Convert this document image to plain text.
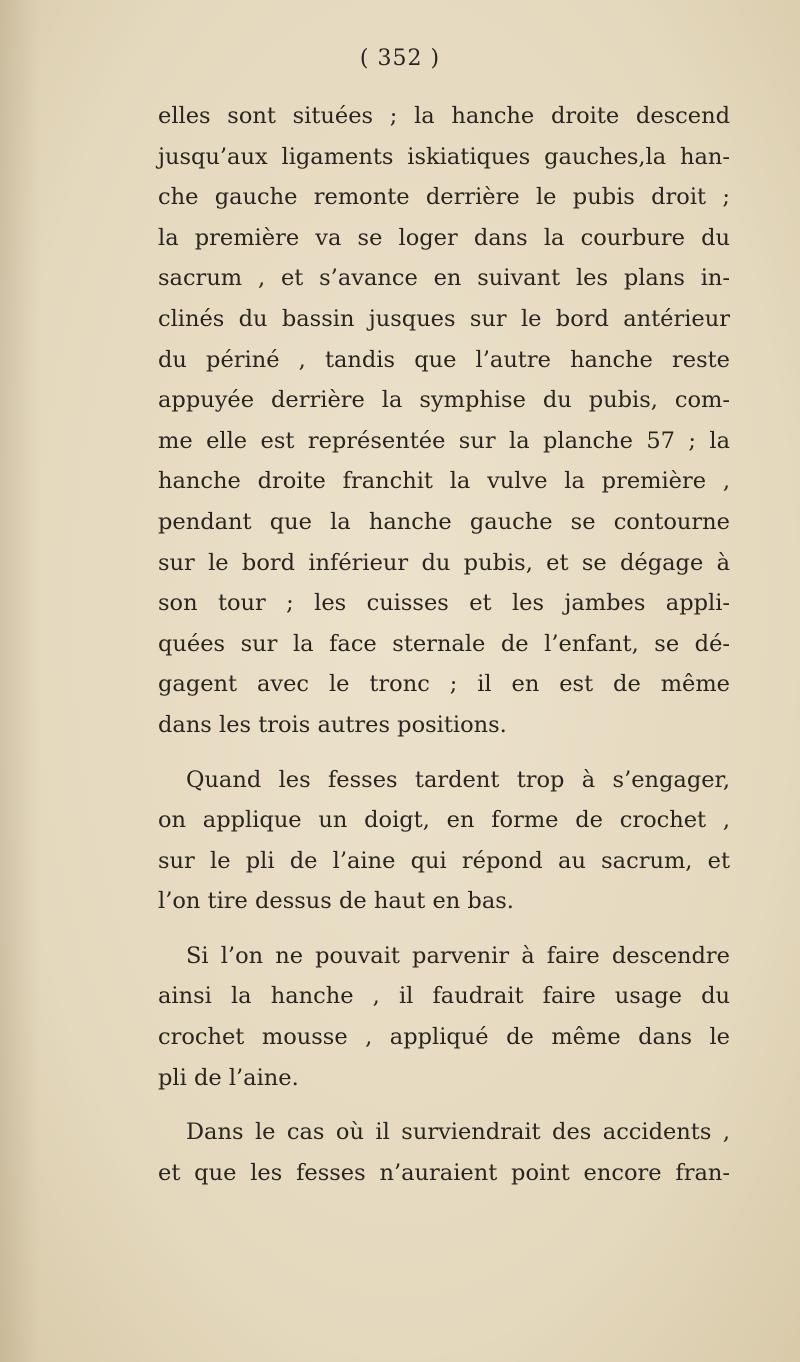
( 352 )
elles sont situées ; la hanche droite descend
jusqu’aux ligaments iskiatiques gauches,la han-
che gauche remonte derrière le pubis droit ;
la première va se loger dans la courbure du
sacrum , et s’avance en suivant les plans in-
clinés du bassin jusques sur le bord antérieur
du périné , tandis que l’autre hanche reste
appuyée derrière la symphise du pubis, com-
me elle est représentée sur la planche 57 ; la
hanche droite franchit la vulve la première ,
pendant que la hanche gauche se contourne
sur le bord inférieur du pubis, et se dégage à
son tour ; les cuisses et les jambes appli-
quées sur la face sternale de l’enfant, se dé-
gagent avec le tronc ; il en est de même
dans les trois autres positions.
Quand les fesses tardent trop à s’engager,
on applique un doigt, en forme de crochet ,
sur le pli de l’aine qui répond au sacrum, et
l’on tire dessus de haut en bas.
Si l’on ne pouvait parvenir à faire descendre
ainsi la hanche , il faudrait faire usage du
crochet mousse , appliqué de même dans le
pli de l’aine.
Dans le cas où il surviendrait des accidents ,
et que les fesses n’auraient point encore fran-
